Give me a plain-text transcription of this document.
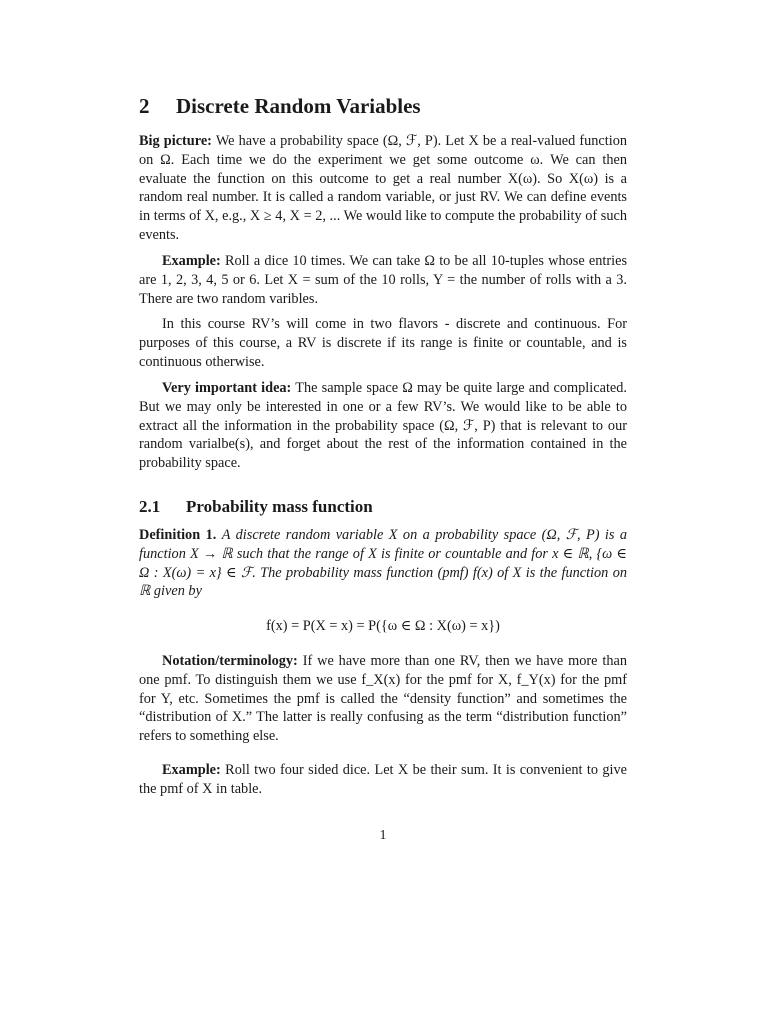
2 Discrete Random Variables

Big picture: We have a probability space (Ω, ℱ, P). Let X be a real-valued function on Ω. Each time we do the experiment we get some outcome ω. We can then evaluate the function on this outcome to get a real number X(ω). So X(ω) is a random real number. It is called a random variable, or just RV. We can define events in terms of X, e.g., X ≥ 4, X = 2, ... We would like to compute the probability of such events.

Example: Roll a dice 10 times. We can take Ω to be all 10-tuples whose entries are 1, 2, 3, 4, 5 or 6. Let X = sum of the 10 rolls, Y = the number of rolls with a 3. There are two random varibles.

In this course RV’s will come in two flavors - discrete and continuous. For purposes of this course, a RV is discrete if its range is finite or countable, and is continuous otherwise.

Very important idea: The sample space Ω may be quite large and complicated. But we may only be interested in one or a few RV’s. We would like to be able to extract all the information in the probability space (Ω, ℱ, P) that is relevant to our random varialbe(s), and forget about the rest of the information contained in the probability space.

2.1 Probability mass function

Definition 1. A discrete random variable X on a probability space (Ω, ℱ, P) is a function X → ℝ such that the range of X is finite or countable and for x ∈ ℝ, {ω ∈ Ω : X(ω) = x} ∈ ℱ. The probability mass function (pmf) f(x) of X is the function on ℝ given by

f(x) = P(X = x) = P({ω ∈ Ω : X(ω) = x})

Notation/terminology: If we have more than one RV, then we have more than one pmf. To distinguish them we use f_X(x) for the pmf for X, f_Y(x) for the pmf for Y, etc. Sometimes the pmf is called the “density function” and sometimes the “distribution of X.” The latter is really confusing as the term “distribution function” refers to something else.

Example: Roll two four sided dice. Let X be their sum. It is convenient to give the pmf of X in table.

1
